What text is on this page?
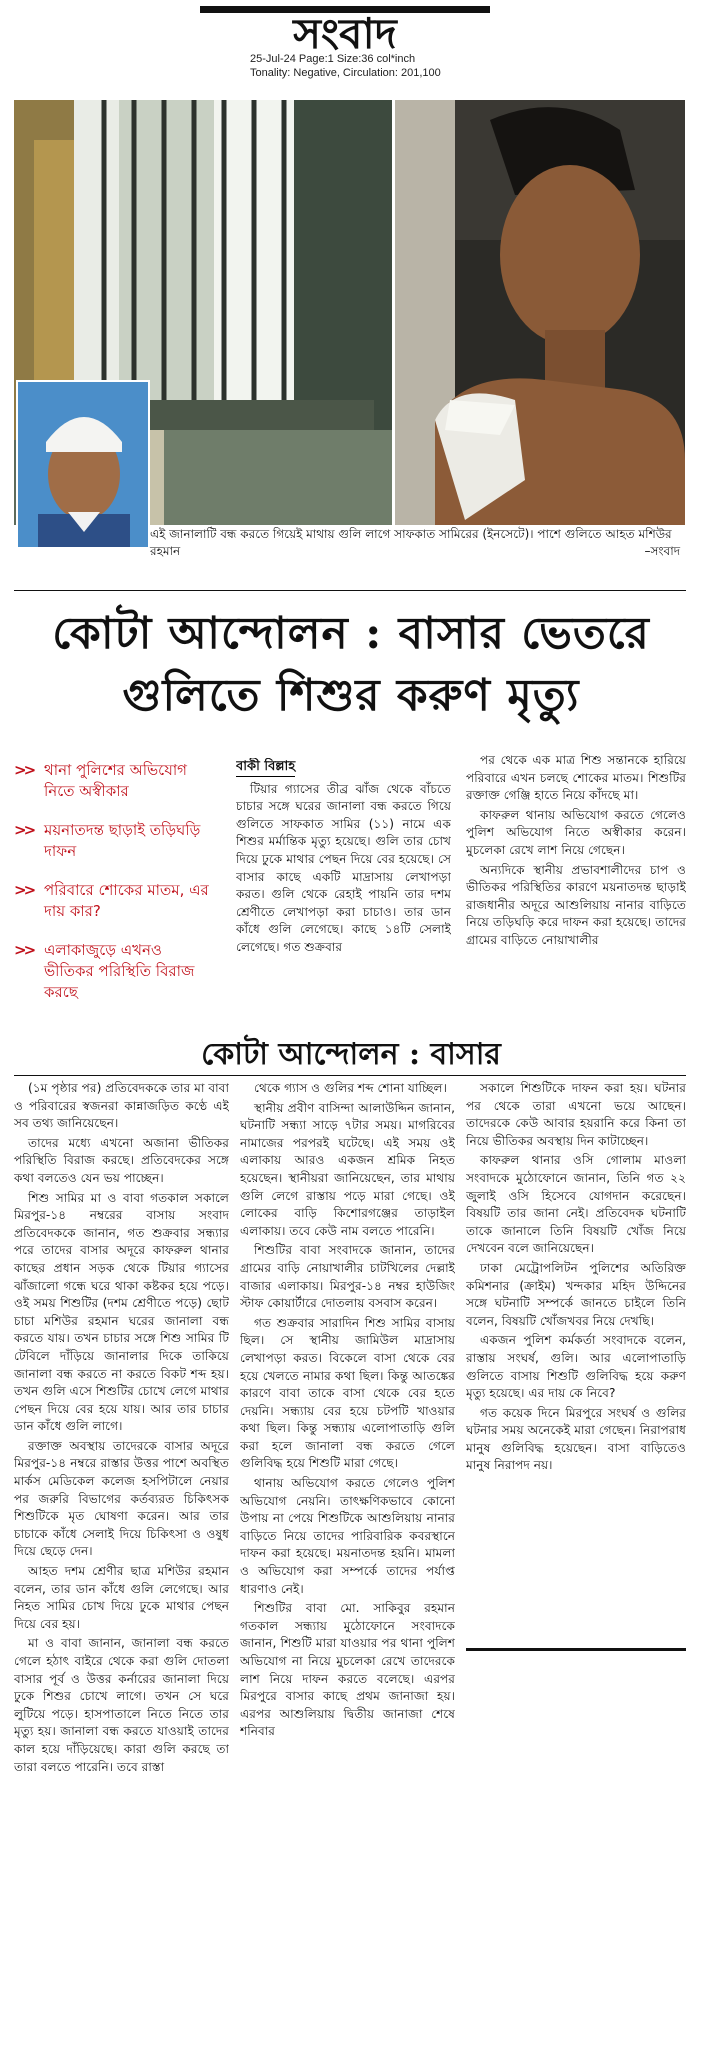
সংবাদ
25-Jul-24 Page:1 Size:36 col*inch
Tonality: Negative, Circulation: 201,100
এই জানালাটি বন্ধ করতে গিয়েই মাথায় গুলি লাগে সাফকাত সামিরের (ইনসেটে)। পাশে গুলিতে আহত মশিউর রহমান	–সংবাদ
কোটা আন্দোলন : বাসার ভেতরে
গুলিতে শিশুর করুণ মৃত্যু
>> থানা পুলিশের অভিযোগ নিতে অস্বীকার
>> ময়নাতদন্ত ছাড়াই তড়িঘড়ি দাফন
>> পরিবারে শোকের মাতম, এর দায় কার?
>> এলাকাজুড়ে এখনও ভীতিকর পরিস্থিতি বিরাজ করছে
বাকী বিল্লাহ

টিয়ার গ্যাসের তীব্র ঝাঁজ থেকে বাঁচতে চাচার সঙ্গে ঘরের জানালা বন্ধ করতে গিয়ে গুলিতে সাফকাত সামির (১১) নামে এক শিশুর মর্মান্তিক মৃত্যু হয়েছে। গুলি তার চোখ দিয়ে ঢুকে মাথার পেছন দিয়ে বের হয়েছে। সে বাসার কাছে একটি মাদ্রাসায় লেখাপড়া করত। গুলি থেকে রেহাই পায়নি তার দশম শ্রেণীতে লেখাপড়া করা চাচাও। তার ডান কাঁধে গুলি লেগেছে। কাছে ১৪টি সেলাই লেগেছে। গত শুক্রবার

পর থেকে এক মাত্র শিশু সন্তানকে হারিয়ে পরিবারে এখন চলছে শোকের মাতম। শিশুটির রক্তাক্ত গেঞ্জি হাতে নিয়ে কাঁদছে মা।

কাফরুল থানায় অভিযোগ করতে গেলেও পুলিশ অভিযোগ নিতে অস্বীকার করেন। মুচলেকা রেখে লাশ নিয়ে গেছেন।

অন্যদিকে স্থানীয় প্রভাবশালীদের চাপ ও ভীতিকর পরিস্থিতির কারণে ময়নাতদন্ত ছাড়াই রাজধানীর অদূরে আশুলিয়ায় নানার বাড়িতে নিয়ে তড়িঘড়ি করে দাফন করা হয়েছে। তাদের গ্রামের বাড়িতে নোয়াখালীর

কোটা আন্দোলন : বাসার

(১ম পৃষ্ঠার পর) প্রতিবেদককে তার মা বাবা ও পরিবারের স্বজনরা কান্নাজড়িত কণ্ঠে এই সব তথ্য জানিয়েছেন।

তাদের মধ্যে এখনো অজানা ভীতিকর পরিস্থিতি বিরাজ করছে। প্রতিবেদকের সঙ্গে কথা বলতেও যেন ভয় পাচ্ছেন।

শিশু সামির মা ও বাবা গতকাল সকালে মিরপুর-১৪ নম্বরের বাসায় সংবাদ প্রতিবেদককে জানান, গত শুক্রবার সন্ধ্যার পরে তাদের বাসার অদূরে কাফরুল থানার কাছের প্রধান সড়ক থেকে টিয়ার গ্যাসের ঝাঁজালো গন্ধে ঘরে থাকা কষ্টকর হয়ে পড়ে। ওই সময় শিশুটির (দশম শ্রেণীতে পড়ে) ছোট চাচা মশিউর রহমান ঘরের জানালা বন্ধ করতে যায়। তখন চাচার সঙ্গে শিশু সামির টি টেবিলে দাঁড়িয়ে জানালার দিকে তাকিয়ে জানালা বন্ধ করতে না করতে বিকট শব্দ হয়। তখন গুলি এসে শিশুটির চোখে লেগে মাথার পেছন দিয়ে বের হয়ে যায়। আর তার চাচার ডান কাঁধে গুলি লাগে।

রক্তাক্ত অবস্থায় তাদেরকে বাসার অদূরে মিরপুর-১৪ নম্বরে রাস্তার উত্তর পাশে অবস্থিত মার্কস মেডিকেল কলেজ হসপিটালে নেয়ার পর জরুরি বিভাগের কর্তব্যরত চিকিৎসক শিশুটিকে মৃত ঘোষণা করেন। আর তার চাচাকে কাঁধে সেলাই দিয়ে চিকিৎসা ও ওষুধ দিয়ে ছেড়ে দেন।

আহত দশম শ্রেণীর ছাত্র মশিউর রহমান বলেন, তার ডান কাঁধে গুলি লেগেছে। আর নিহত সামির চোখ দিয়ে ঢুকে মাথার পেছন দিয়ে বের হয়।

মা ও বাবা জানান, জানালা বন্ধ করতে গেলে হঠাৎ বাইরে থেকে করা গুলি দোতলা বাসার পূর্ব ও উত্তর কর্নারের জানালা দিয়ে ঢুকে শিশুর চোখে লাগে। তখন সে ঘরে লুটিয়ে পড়ে। হাসপাতালে নিতে নিতে তার মৃত্যু হয়। জানালা বন্ধ করতে যাওয়াই তাদের কাল হয়ে দাঁড়িয়েছে। কারা গুলি করছে তা তারা বলতে পারেনি। তবে রাস্তা

থেকে গ্যাস ও গুলির শব্দ শোনা যাচ্ছিল।

স্থানীয় প্রবীণ বাসিন্দা আলাউদ্দিন জানান, ঘটনাটি সন্ধ্যা সাড়ে ৭টার সময়। মাগরিবের নামাজের পরপরই ঘটেছে। এই সময় ওই এলাকায় আরও একজন শ্রমিক নিহত হয়েছেন। স্থানীয়রা জানিয়েছেন, তার মাথায় গুলি লেগে রাস্তায় পড়ে মারা গেছে। ওই লোকের বাড়ি কিশোরগঞ্জের তাড়াইল এলাকায়। তবে কেউ নাম বলতে পারেনি।

শিশুটির বাবা সংবাদকে জানান, তাদের গ্রামের বাড়ি নোয়াখালীর চাটখিলের দেল্লাই বাজার এলাকায়। মিরপুর-১৪ নম্বর হাউজিং স্টাফ কোয়ার্টারে দোতলায় বসবাস করেন।

গত শুক্রবার সারাদিন শিশু সামির বাসায় ছিল। সে স্থানীয় জামিউল মাদ্রাসায় লেখাপড়া করত। বিকেলে বাসা থেকে বের হয়ে খেলতে নামার কথা ছিল। কিন্তু আতঙ্কের কারণে বাবা তাকে বাসা থেকে বের হতে দেয়নি। সন্ধ্যায় বের হয়ে চটপটি খাওয়ার কথা ছিল। কিন্তু সন্ধ্যায় এলোপাতাড়ি গুলি করা হলে জানালা বন্ধ করতে গেলে গুলিবিদ্ধ হয়ে শিশুটি মারা গেছে।

থানায় অভিযোগ করতে গেলেও পুলিশ অভিযোগ নেয়নি। তাৎক্ষণিকভাবে কোনো উপায় না পেয়ে শিশুটিকে আশুলিয়ায় নানার বাড়িতে নিয়ে তাদের পারিবারিক কবরস্থানে দাফন করা হয়েছে। ময়নাতদন্ত হয়নি। মামলা ও অভিযোগ করা সম্পর্কে তাদের পর্যাপ্ত ধারণাও নেই।

শিশুটির বাবা মো. সাকিবুর রহমান গতকাল সন্ধ্যায় মুঠোফোনে সংবাদকে জানান, শিশুটি মারা যাওয়ার পর থানা পুলিশ অভিযোগ না নিয়ে মুচলেকা রেখে তাদেরকে লাশ নিয়ে দাফন করতে বলেছে। এরপর মিরপুরে বাসার কাছে প্রথম জানাজা হয়। এরপর আশুলিয়ায় দ্বিতীয় জানাজা শেষে শনিবার

সকালে শিশুটিকে দাফন করা হয়। ঘটনার পর থেকে তারা এখনো ভয়ে আছেন। তাদেরকে কেউ আবার হয়রানি করে কিনা তা নিয়ে ভীতিকর অবস্থায় দিন কাটাচ্ছেন।

কাফরুল থানার ওসি গোলাম মাওলা সংবাদকে মুঠোফোনে জানান, তিনি গত ২২ জুলাই ওসি হিসেবে যোগদান করেছেন। বিষয়টি তার জানা নেই। প্রতিবেদক ঘটনাটি তাকে জানালে তিনি বিষয়টি খোঁজ নিয়ে দেখবেন বলে জানিয়েছেন।

ঢাকা মেট্রোপলিটন পুলিশের অতিরিক্ত কমিশনার (ক্রাইম) খন্দকার মহিদ উদ্দিনের সঙ্গে ঘটনাটি সম্পর্কে জানতে চাইলে তিনি বলেন, বিষয়টি খোঁজখবর নিয়ে দেখছি।

একজন পুলিশ কর্মকর্তা সংবাদকে বলেন, রাস্তায় সংঘর্ষ, গুলি। আর এলোপাতাড়ি গুলিতে বাসায় শিশুটি গুলিবিদ্ধ হয়ে করুণ মৃত্যু হয়েছে। এর দায় কে নিবে?

গত কয়েক দিনে মিরপুরে সংঘর্ষ ও গুলির ঘটনার সময় অনেকেই মারা গেছেন। নিরাপরাধ মানুষ গুলিবিদ্ধ হয়েছেন। বাসা বাড়িতেও মানুষ নিরাপদ নয়।
